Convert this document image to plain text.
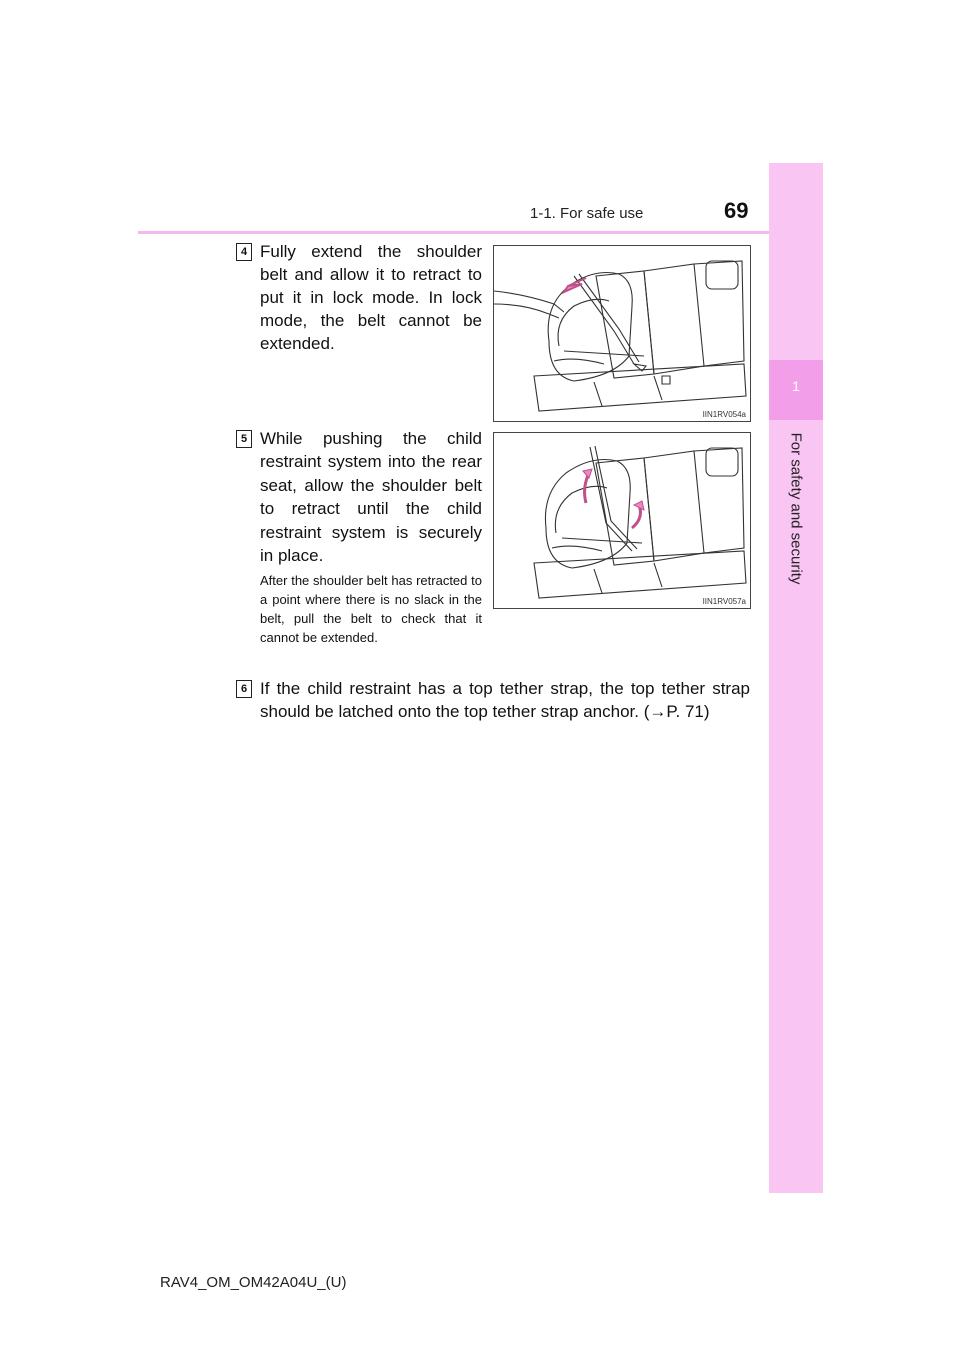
1-1. For safe use	69
1
For safety and security
4 Fully extend the shoulder belt and allow it to retract to put it in lock mode. In lock mode, the belt cannot be extended.
IIN1RV054a
5 While pushing the child restraint system into the rear seat, allow the shoulder belt to retract until the child restraint system is securely in place.
After the shoulder belt has retracted to a point where there is no slack in the belt, pull the belt to check that it cannot be extended.
IIN1RV057a
6 If the child restraint has a top tether strap, the top tether strap should be latched onto the top tether strap anchor. (→P. 71)
RAV4_OM_OM42A04U_(U)
